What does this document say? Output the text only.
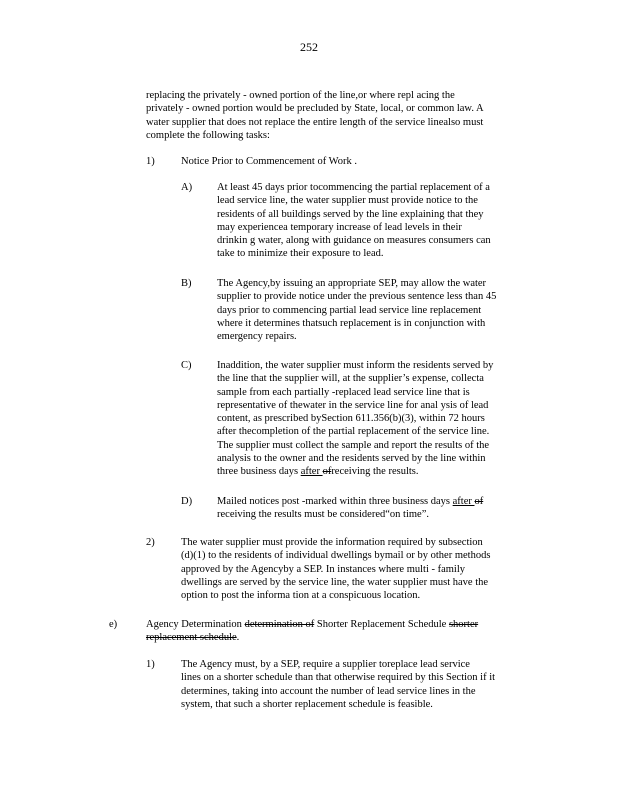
252
replacing the privately - owned portion of the line,or where repl acing the
privately - owned portion would be precluded by State, local, or common law. A
water supplier that does not replace the entire length of the service linealso must
complete the following tasks:
1)	Notice Prior to Commencement of Work .
A) At least 45 days prior tocommencing the partial replacement of a
lead service line, the water supplier must provide notice to the
residents of all buildings served by the line explaining that they
may experiencea temporary increase of lead levels in their
drinkin g water, along with guidance on measures consumers can
take to minimize their exposure to lead.
B) The Agency,by issuing an appropriate SEP, may allow the water
supplier to provide notice under the previous sentence less than 45
days prior to commencing partial lead service line replacement
where it determines thatsuch replacement is in conjunction with
emergency repairs.
C) Inaddition, the water supplier must inform the residents served by
the line that the supplier will, at the supplier’s expense, collecta
sample from each partially -replaced lead service line that is
representative of thewater in the service line for anal ysis of lead
content, as prescribed bySection 611.356(b)(3), within 72 hours
after thecompletion of the partial replacement of the service line.
The supplier must collect the sample and report the results of the
analysis to the owner and the residents served by the line within
three business days after ofreceiving the results.
D) Mailed notices post -marked within three business days after of
receiving the results must be considered“on time”.
2)	The water supplier must provide the information required by subsection
(d)(1) to the residents of individual dwellings bymail or by other methods
approved by the Agencyby a SEP. In instances where multi - family
dwellings are served by the service line, the water supplier must have the
option to post the informa tion at a conspicuous location.
e)	Agency Determination determination of Shorter Replacement Schedule shorter
replacement schedule.
1)	The Agency must, by a SEP, require a supplier toreplace lead service
lines on a shorter schedule than that otherwise required by this Section if it
determines, taking into account the number of lead service lines in the
system, that such a shorter replacement schedule is feasible.
